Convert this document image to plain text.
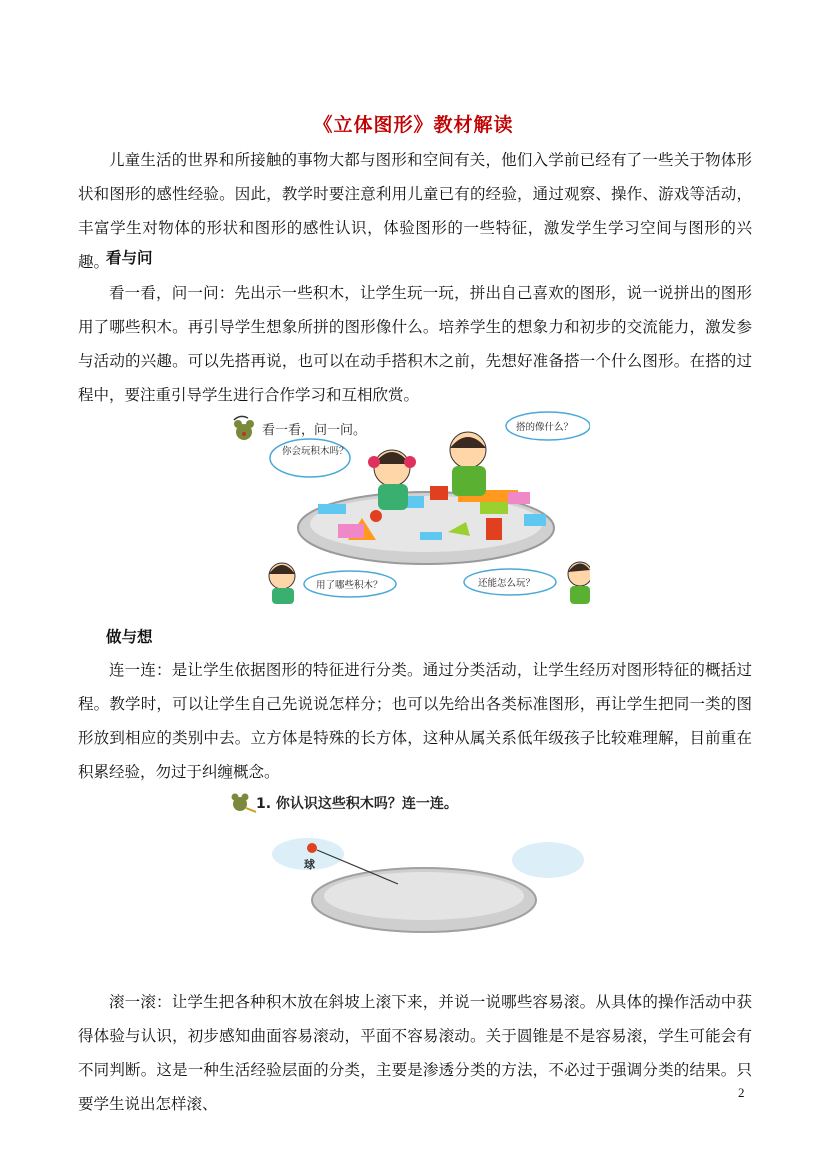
《立体图形》教材解读
儿童生活的世界和所接触的事物大都与图形和空间有关，他们入学前已经有了一些关于物体形状和图形的感性经验。因此，教学时要注意利用儿童已有的经验，通过观察、操作、游戏等活动，丰富学生对物体的形状和图形的感性认识，体验图形的一些特征，激发学生学习空间与图形的兴趣。
看与问
看一看，问一问：先出示一些积木，让学生玩一玩，拼出自己喜欢的图形，说一说拼出的图形用了哪些积木。再引导学生想象所拼的图形像什么。培养学生的想象力和初步的交流能力，激发参与活动的兴趣。可以先搭再说，也可以在动手搭积木之前，先想好准备搭一个什么图形。在搭的过程中，要注重引导学生进行合作学习和互相欣赏。
看一看，问一问。
你会玩积木吗？
搭的像什么？
用了哪些积木？	还能怎么玩？
做与想
连一连：是让学生依据图形的特征进行分类。通过分类活动，让学生经历对图形特征的概括过程。教学时，可以让学生自己先说说怎样分；也可以先给出各类标准图形，再让学生把同一类的图形放到相应的类别中去。立方体是特殊的长方体，这种从属关系低年级孩子比较难理解，目前重在积累经验，勿过于纠缠概念。
1. 你认识这些积木吗？连一连。
球
滚一滚：让学生把各种积木放在斜坡上滚下来，并说一说哪些容易滚。从具体的操作活动中获得体验与认识，初步感知曲面容易滚动，平面不容易滚动。关于圆锥是不是容易滚，学生可能会有不同判断。这是一种生活经验层面的分类，主要是渗透分类的方法，不必过于强调分类的结果。只要学生说出怎样滚、
2
